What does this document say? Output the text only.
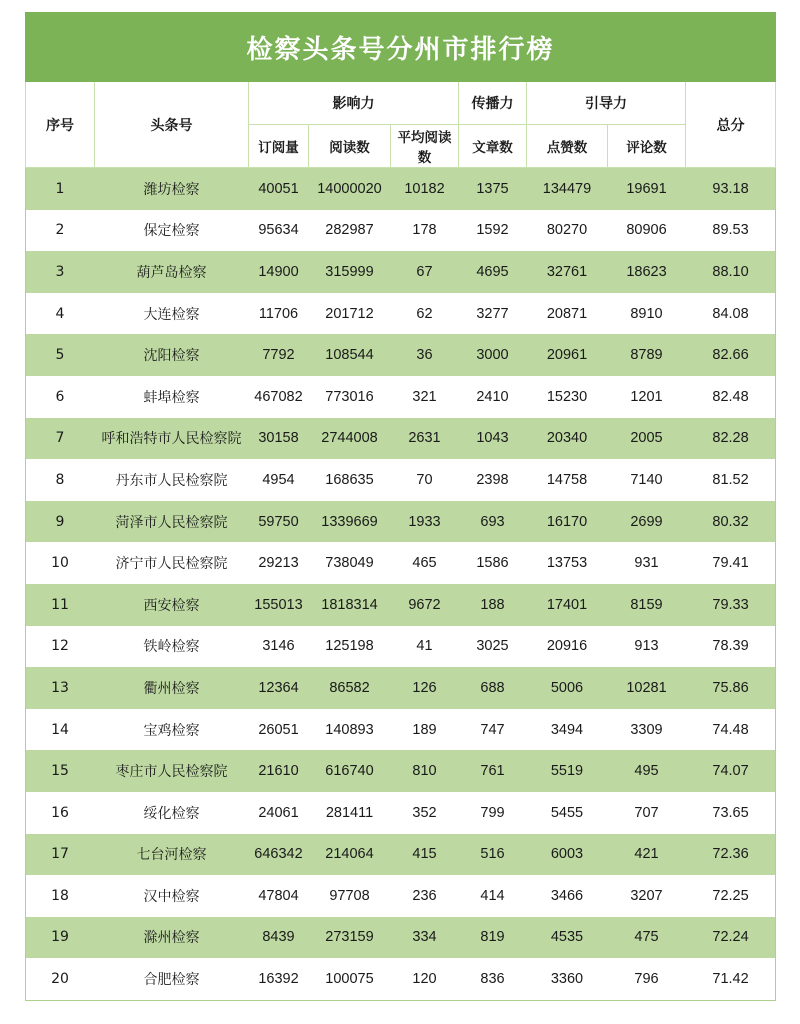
检察头条号分州市排行榜								
序号	头条号	影响力			传播力	引导力		总分
		订阅量	阅读数	平均阅读数	文章数	点赞数	评论数	
1	潍坊检察	40051	14000020	10182	1375	134479	19691	93.18
2	保定检察	95634	282987	178	1592	80270	80906	89.53
3	葫芦岛检察	14900	315999	67	4695	32761	18623	88.10
4	大连检察	11706	201712	62	3277	20871	8910	84.08
5	沈阳检察	7792	108544	36	3000	20961	8789	82.66
6	蚌埠检察	467082	773016	321	2410	15230	1201	82.48
7	呼和浩特市人民检察院	30158	2744008	2631	1043	20340	2005	82.28
8	丹东市人民检察院	4954	168635	70	2398	14758	7140	81.52
9	菏泽市人民检察院	59750	1339669	1933	693	16170	2699	80.32
10	济宁市人民检察院	29213	738049	465	1586	13753	931	79.41
11	西安检察	155013	1818314	9672	188	17401	8159	79.33
12	铁岭检察	3146	125198	41	3025	20916	913	78.39
13	衢州检察	12364	86582	126	688	5006	10281	75.86
14	宝鸡检察	26051	140893	189	747	3494	3309	74.48
15	枣庄市人民检察院	21610	616740	810	761	5519	495	74.07
16	绥化检察	24061	281411	352	799	5455	707	73.65
17	七台河检察	646342	214064	415	516	6003	421	72.36
18	汉中检察	47804	97708	236	414	3466	3207	72.25
19	滁州检察	8439	273159	334	819	4535	475	72.24
20	合肥检察	16392	100075	120	836	3360	796	71.42
